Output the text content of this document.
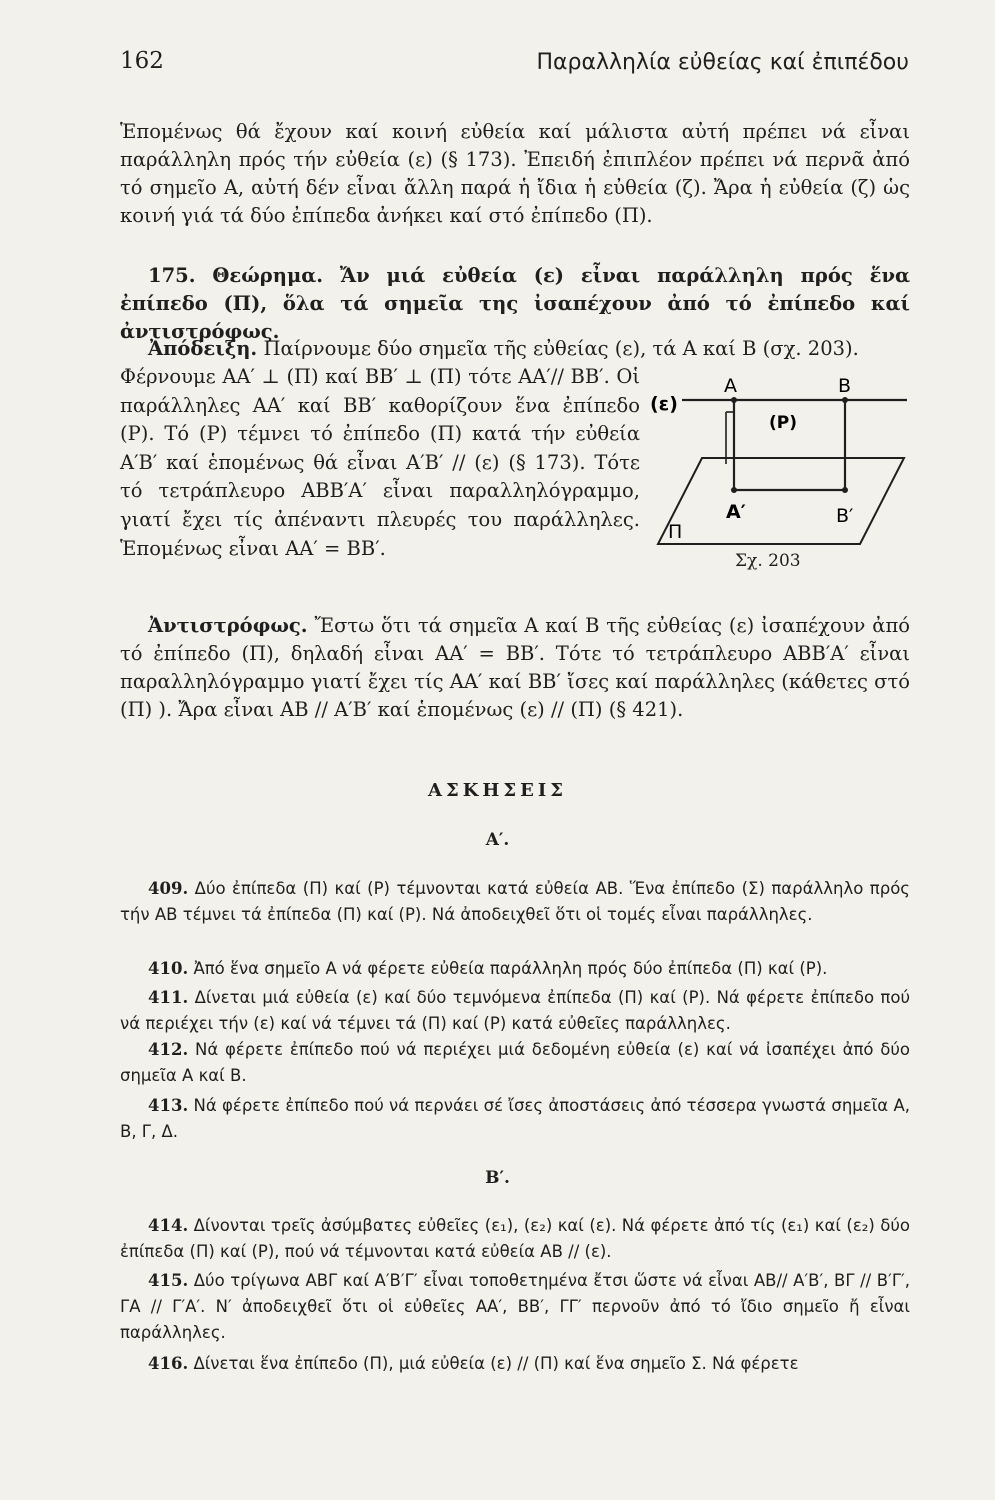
162	Παραλληλία εὐθείας καί ἐπιπέδου
Ἑπομένως θά ἔχουν καί κοινή εὐθεία καί μάλιστα αὐτή πρέπει νά εἶναι παράλληλη πρός τήν εὐθεία (ε) (§ 173). Ἐπειδή ἐπιπλέον πρέπει νά περνᾶ ἀπό τό σημεῖο Α, αὐτή δέν εἶναι ἄλλη παρά ἡ ἴδια ἡ εὐθεία (ζ). Ἄρα ἡ εὐθεία (ζ) ὡς κοινή γιά τά δύο ἐπίπεδα ἀνήκει καί στό ἐπίπεδο (Π).
175. Θεώρημα. Ἄν μιά εὐθεία (ε) εἶναι παράλληλη πρός ἕνα ἐπίπεδο (Π), ὅλα τά σημεῖα της ἰσαπέχουν ἀπό τό ἐπίπεδο καί ἀντιστρόφως.
Ἀπόδειξη. Παίρνουμε δύο σημεῖα τῆς εὐθείας (ε), τά Α καί Β (σχ. 203).
Φέρνουμε ΑΑ′ ⊥ (Π) καί ΒΒ′ ⊥ (Π) τότε ΑΑ′// ΒΒ′. Οἱ παράλληλες ΑΑ′ καί ΒΒ′ καθορίζουν ἕνα ἐπίπεδο (Ρ). Τό (Ρ) τέμνει τό ἐπίπεδο (Π) κατά τήν εὐθεία Α′Β′ καί ἑπομένως θά εἶναι Α′Β′ // (ε) (§ 173). Τότε τό τετράπλευρο ΑΒΒ′Α′ εἶναι παραλληλόγραμμο, γιατί ἔχει τίς ἀπέναντι πλευρές του παράλληλες. Ἑπομένως εἶναι ΑΑ′ = ΒΒ′.
(ε)
A	B
(P)
A′	B′
Π
Σχ. 203
Ἀντιστρόφως. Ἔστω ὅτι τά σημεῖα Α καί Β τῆς εὐθείας (ε) ἰσαπέχουν ἀπό τό ἐπίπεδο (Π), δηλαδή εἶναι ΑΑ′ = ΒΒ′. Τότε τό τετράπλευρο ΑΒΒ′Α′ εἶναι παραλληλόγραμμο γιατί ἔχει τίς ΑΑ′ καί ΒΒ′ ἴσες καί παράλληλες (κάθετες στό (Π) ). Ἄρα εἶναι ΑΒ // Α′Β′ καί ἑπομένως (ε) // (Π) (§ 421).
ΑΣΚΗΣΕΙΣ
Α′.
409. Δύο ἐπίπεδα (Π) καί (Ρ) τέμνονται κατά εὐθεία ΑΒ. Ἕνα ἐπίπεδο (Σ) παράλληλο πρός τήν ΑΒ τέμνει τά ἐπίπεδα (Π) καί (Ρ). Νά ἀποδειχθεῖ ὅτι οἱ τομές εἶναι παράλληλες.
410. Ἀπό ἕνα σημεῖο Α νά φέρετε εὐθεία παράλληλη πρός δύο ἐπίπεδα (Π) καί (Ρ).
411. Δίνεται μιά εὐθεία (ε) καί δύο τεμνόμενα ἐπίπεδα (Π) καί (Ρ). Νά φέρετε ἐπίπεδο πού νά περιέχει τήν (ε) καί νά τέμνει τά (Π) καί (Ρ) κατά εὐθεῖες παράλληλες.
412. Νά φέρετε ἐπίπεδο πού νά περιέχει μιά δεδομένη εὐθεία (ε) καί νά ἰσαπέχει ἀπό δύο σημεῖα Α καί Β.
413. Νά φέρετε ἐπίπεδο πού νά περνάει σέ ἴσες ἀποστάσεις ἀπό τέσσερα γνωστά σημεῖα Α, Β, Γ, Δ.
Β′.
414. Δίνονται τρεῖς ἀσύμβατες εὐθεῖες (ε₁), (ε₂) καί (ε). Νά φέρετε ἀπό τίς (ε₁) καί (ε₂) δύο ἐπίπεδα (Π) καί (Ρ), πού νά τέμνονται κατά εὐθεία ΑΒ // (ε).
415. Δύο τρίγωνα ΑΒΓ καί Α′Β′Γ′ εἶναι τοποθετημένα ἔτσι ὥστε νά εἶναι ΑΒ// Α′Β′, ΒΓ // Β′Γ′, ΓΑ // Γ′Α′. Ν′ ἀποδειχθεῖ ὅτι οἱ εὐθεῖες ΑΑ′, ΒΒ′, ΓΓ′ περνοῦν ἀπό τό ἴδιο σημεῖο ἤ εἶναι παράλληλες.
416. Δίνεται ἕνα ἐπίπεδο (Π), μιά εὐθεία (ε) // (Π) καί ἕνα σημεῖο Σ. Νά φέρετε
